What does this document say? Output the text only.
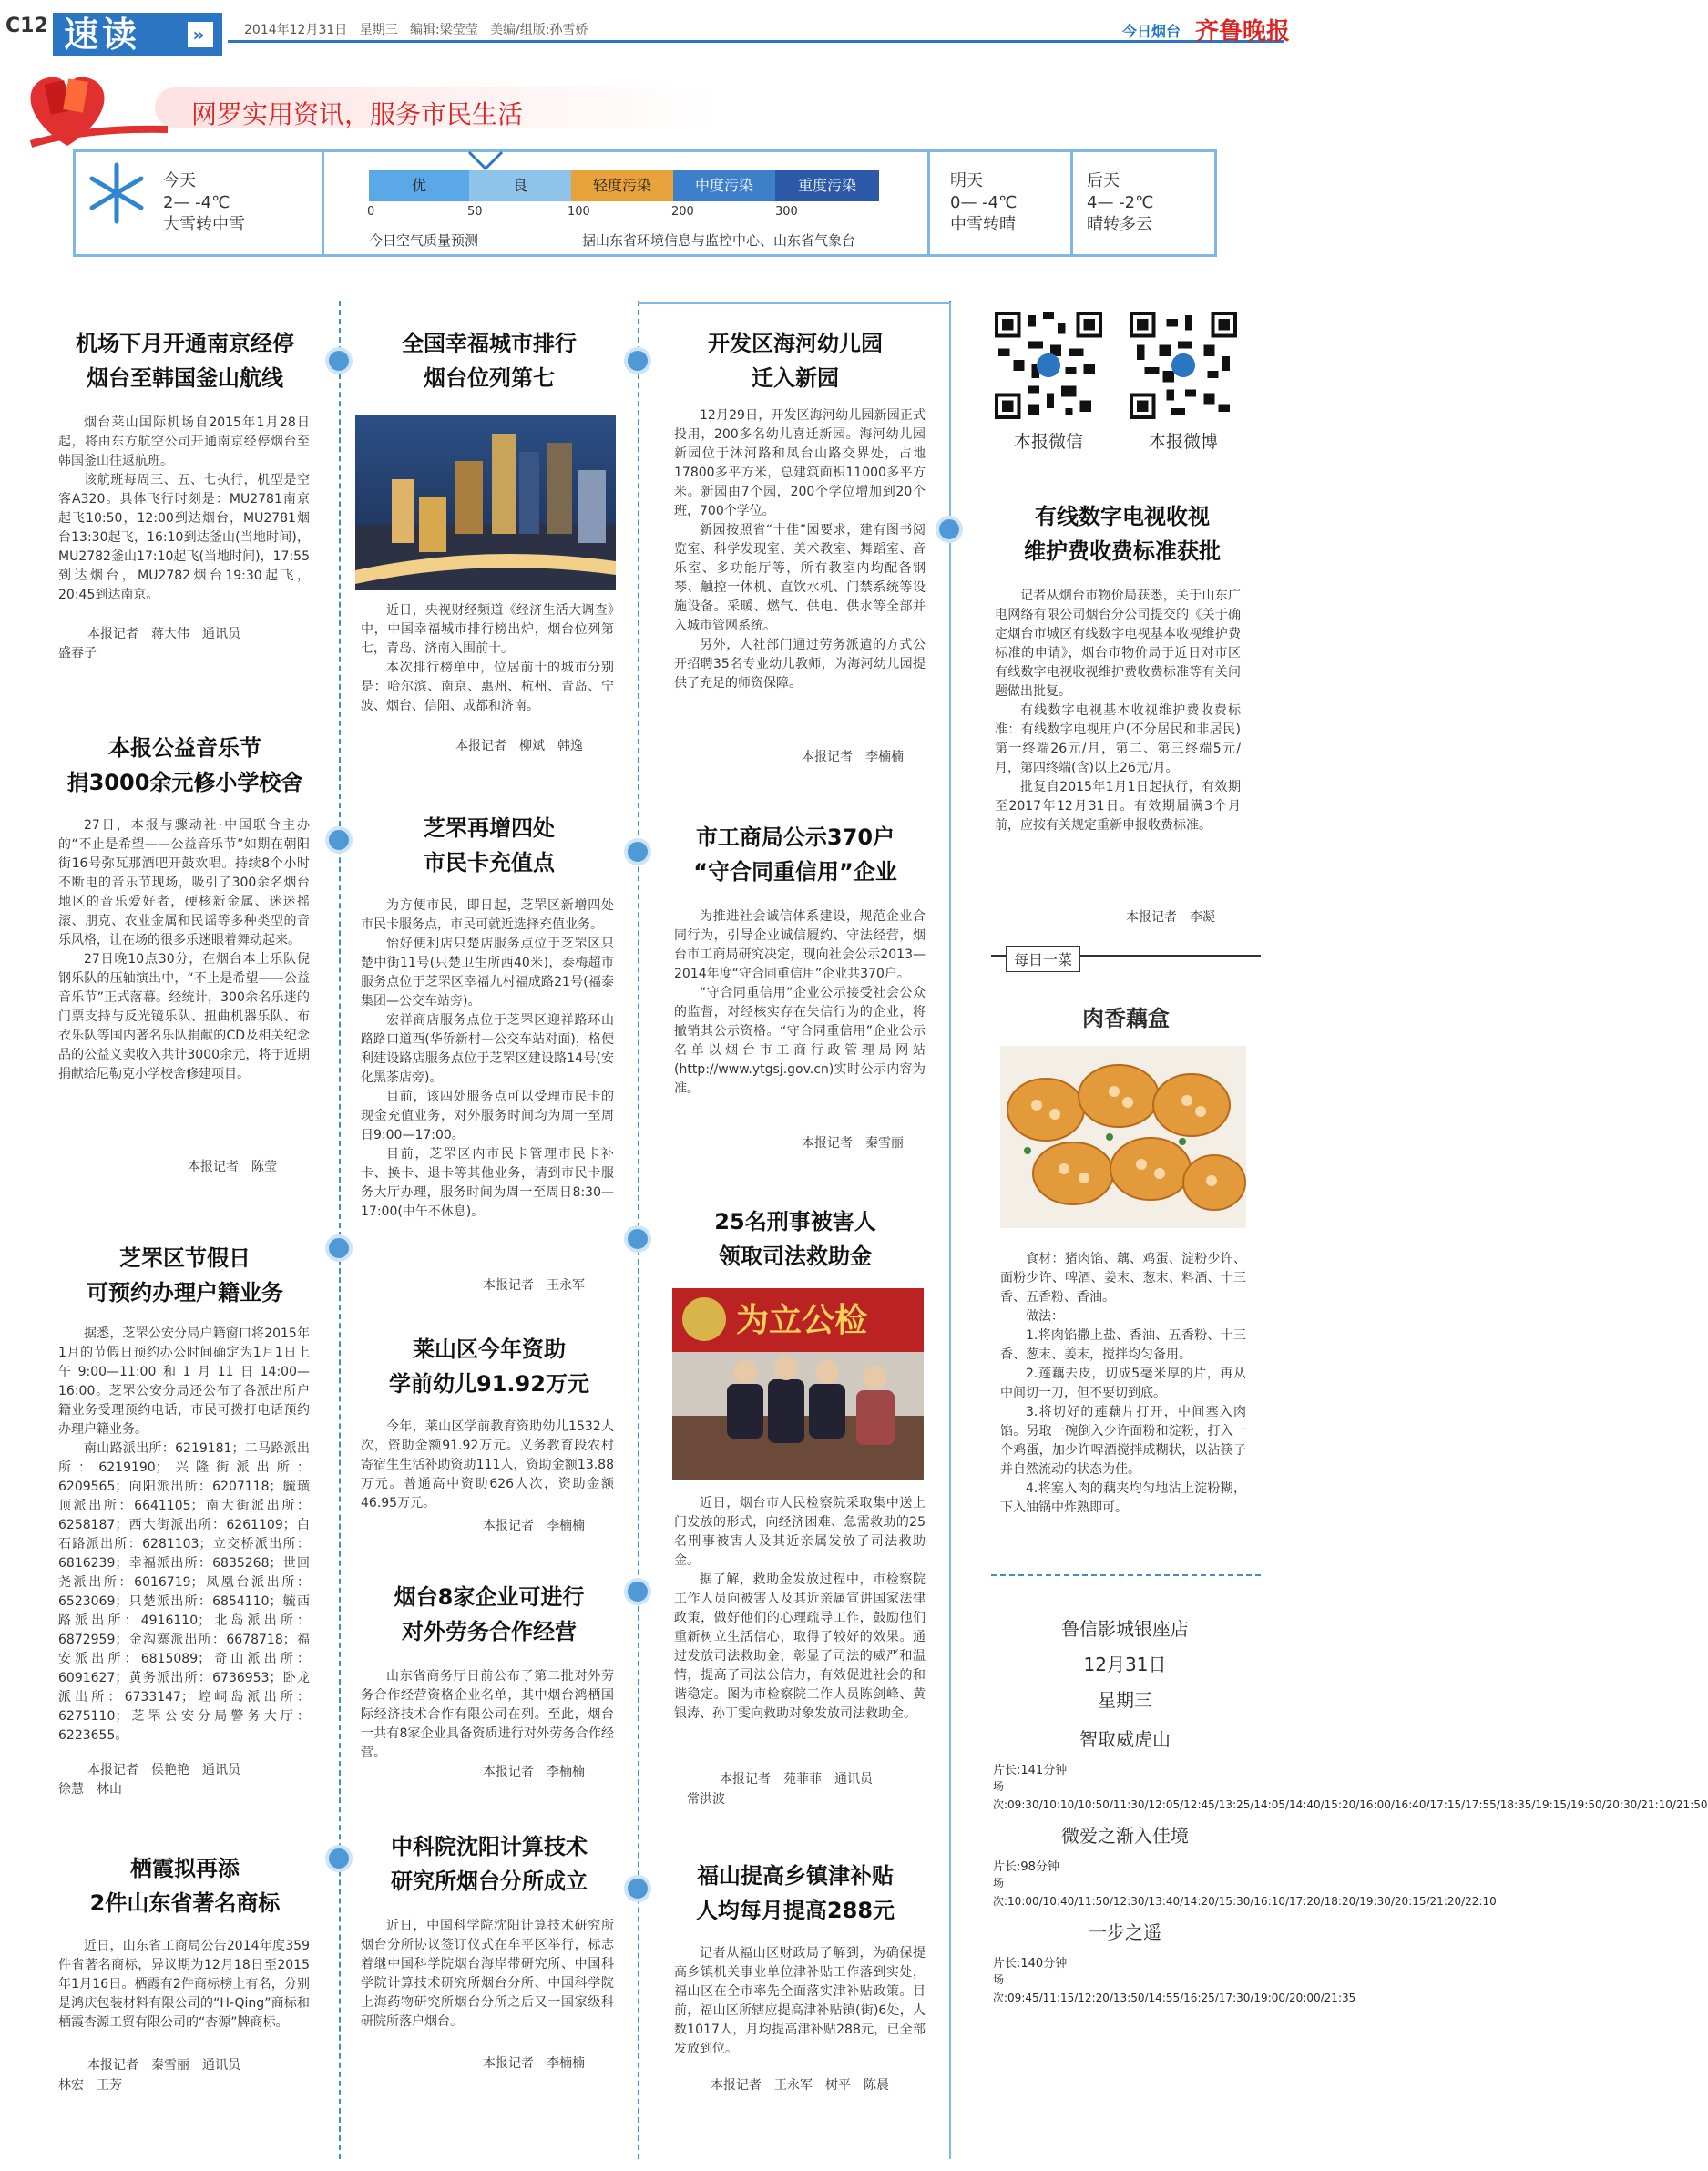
C12 速读	»	2014年12月31日 星期三 编辑:梁莹莹 美编/组版:孙雪娇	今日烟台 齐鲁晚报
网罗实用资讯，服务市民生活
今天
2— -4℃
大雪转中雪
优	良	轻度污染	中度污染	重度污染
0	50	100	200	300
今日空气质量预测	据山东省环境信息与监控中心、山东省气象台
明天
0— -4℃
中雪转晴
后天
4— -2℃
晴转多云
机场下月开通南京经停
烟台至韩国釜山航线

烟台莱山国际机场自2015年1月28日起，将由东方航空公司开通南京经停烟台至韩国釜山往返航班。

该航班每周三、五、七执行，机型是空客A320。具体飞行时刻是：MU2781南京起飞10:50，12:00到达烟台，MU2781烟台13:30起飞，16:10到达釜山(当地时间)，MU2782釜山17:10起飞(当地时间)，17:55到达烟台，MU2782烟台19:30起飞，20:45到达南京。

本报记者　蒋大伟　通讯员
盛春子
本报公益音乐节
捐3000余元修小学校舍

27日，本报与骤动社·中国联合主办的“不止是希望——公益音乐节”如期在朝阳街16号弥瓦那酒吧开鼓欢唱。持续8个小时不断电的音乐节现场，吸引了300余名烟台地区的音乐爱好者，硬核新金属、迷迷摇滚、朋克、农业金属和民谣等多种类型的音乐风格，让在场的很多乐迷眼着舞动起来。

27日晚10点30分，在烟台本土乐队倪钢乐队的压轴演出中，“不止是希望——公益音乐节”正式落幕。经统计，300余名乐迷的门票支持与反光镜乐队、扭曲机器乐队、布衣乐队等国内著名乐队捐献的CD及相关纪念品的公益义卖收入共计3000余元，将于近期捐献给尼勒克小学校舍修建项目。

本报记者　陈莹
芝罘区节假日
可预约办理户籍业务

据悉，芝罘公安分局户籍窗口将2015年1月的节假日预约办公时间确定为1月1日上午9:00—11:00和1月11日14:00—16:00。芝罘公安分局还公布了各派出所户籍业务受理预约电话，市民可拨打电话预约办理户籍业务。

南山路派出所：6219181；二马路派出所：6219190；兴隆街派出所：6209565；向阳派出所：6207118；毓璜顶派出所：6641105；南大街派出所：6258187；西大街派出所：6261109；白石路派出所：6281103；立交桥派出所：6816239；幸福派出所：6835268；世回尧派出所：6016719；凤凰台派出所：6523069；只楚派出所：6854110；毓西路派出所：4916110；北岛派出所：6872959；金沟寨派出所：6678718；福安派出所：6815089；奇山派出所：6091627；黄务派出所：6736953；卧龙派出所：6733147；崆峒岛派出所：6275110；芝罘公安分局警务大厅：6223655。

本报记者　侯艳艳　通讯员
徐慧　林山
栖霞拟再添
2件山东省著名商标

近日，山东省工商局公告2014年度359件省著名商标，异议期为12月18日至2015年1月16日。栖霞有2件商标榜上有名，分别是鸿庆包装材料有限公司的“H-Qing”商标和栖霞杏源工贸有限公司的“杏源”牌商标。

本报记者　秦雪丽　通讯员
林宏　王芳
全国幸福城市排行
烟台位列第七

近日，央视财经频道《经济生活大调查》中，中国幸福城市排行榜出炉，烟台位列第七，青岛、济南入围前十。

本次排行榜单中，位居前十的城市分别是：哈尔滨、南京、惠州、杭州、青岛、宁波、烟台、信阳、成都和济南。

本报记者　柳斌　韩逸
芝罘再增四处
市民卡充值点

为方便市民，即日起，芝罘区新增四处市民卡服务点，市民可就近选择充值业务。

怡好便利店只楚店服务点位于芝罘区只楚中街11号(只楚卫生所西40米)，泰梅超市服务点位于芝罘区幸福九村福成路21号(福泰集团—公交车站旁)。

宏祥商店服务点位于芝罘区迎祥路环山路路口道西(华侨新村—公交车站对面)，格便利建设路店服务点位于芝罘区建设路14号(安化黑茶店旁)。

目前，该四处服务点可以受理市民卡的现金充值业务，对外服务时间均为周一至周日9:00—17:00。

目前，芝罘区内市民卡管理市民卡补卡、换卡、退卡等其他业务，请到市民卡服务大厅办理，服务时间为周一至周日8:30—17:00(中午不休息)。

本报记者　王永军
莱山区今年资助
学前幼儿91.92万元

今年，莱山区学前教育资助幼儿1532人次，资助金额91.92万元。义务教育段农村寄宿生生活补助资助111人，资助金额13.88万元。普通高中资助626人次，资助金额46.95万元。

本报记者　李楠楠
烟台8家企业可进行
对外劳务合作经营

山东省商务厅日前公布了第二批对外劳务合作经营资格企业名单，其中烟台鸿栖国际经济技术合作有限公司在列。至此，烟台一共有8家企业具备资质进行对外劳务合作经营。

本报记者　李楠楠
中科院沈阳计算技术
研究所烟台分所成立

近日，中国科学院沈阳计算技术研究所烟台分所协议签订仪式在牟平区举行，标志着继中国科学院烟台海岸带研究所、中国科学院计算技术研究所烟台分所、中国科学院上海药物研究所烟台分所之后又一国家级科研院所落户烟台。

本报记者　李楠楠
开发区海河幼儿园
迁入新园

12月29日，开发区海河幼儿园新园正式投用，200多名幼儿喜迁新园。海河幼儿园新园位于沐河路和凤台山路交界处，占地17800多平方米，总建筑面积11000多平方米。新园由7个园，200个学位增加到20个班，700个学位。

新园按照省“十佳”园要求，建有图书阅览室、科学发现室、美术教室、舞蹈室、音乐室、多功能厅等，所有教室内均配备钢琴、触控一体机、直饮水机、门禁系统等设施设备。采暖、燃气、供电、供水等全部并入城市管网系统。

另外，人社部门通过劳务派遣的方式公开招聘35名专业幼儿教师，为海河幼儿园提供了充足的师资保障。

本报记者　李楠楠
市工商局公示370户
“守合同重信用”企业

为推进社会诚信体系建设，规范企业合同行为，引导企业诚信履约、守法经营，烟台市工商局研究决定，现向社会公示2013—2014年度“守合同重信用”企业共370户。

“守合同重信用”企业公示接受社会公众的监督，对经核实存在失信行为的企业，将撤销其公示资格。“守合同重信用”企业公示名单以烟台市工商行政管理局网站(http://www.ytgsj.gov.cn)实时公示内容为准。

本报记者　秦雪丽
25名刑事被害人
领取司法救助金
为立公检

近日，烟台市人民检察院采取集中送上门发放的形式，向经济困难、急需救助的25名刑事被害人及其近亲属发放了司法救助金。

据了解，救助金发放过程中，市检察院工作人员向被害人及其近亲属宣讲国家法律政策，做好他们的心理疏导工作，鼓励他们重新树立生活信心，取得了较好的效果。通过发放司法救助金，彰显了司法的威严和温情，提高了司法公信力，有效促进社会的和谐稳定。图为市检察院工作人员陈剑峰、黄银涛、孙丁雯向救助对象发放司法救助金。

本报记者　苑菲菲　通讯员
常洪波
福山提高乡镇津补贴
人均每月提高288元

记者从福山区财政局了解到，为确保提高乡镇机关事业单位津补贴工作落到实处，福山区在全市率先全面落实津补贴政策。目前，福山区所辖应提高津补贴镇(街)6处，人数1017人，月均提高津补贴288元，已全部发放到位。

本报记者　王永军　树平　陈晨
本报微信	本报微博
有线数字电视收视
维护费收费标准获批

记者从烟台市物价局获悉，关于山东广电网络有限公司烟台分公司提交的《关于确定烟台市城区有线数字电视基本收视维护费标准的申请》，烟台市物价局于近日对市区有线数字电视收视维护费收费标准等有关问题做出批复。

有线数字电视基本收视维护费收费标准：有线数字电视用户(不分居民和非居民)第一终端26元/月，第二、第三终端5元/月，第四终端(含)以上26元/月。

批复自2015年1月1日起执行，有效期至2017年12月31日。有效期届满3个月前，应按有关规定重新申报收费标准。

本报记者　李凝
每日一菜
肉香藕盒

食材：猪肉馅、藕、鸡蛋、淀粉少许、面粉少许、啤酒、姜末、葱末、料酒、十三香、五香粉、香油。

做法：

1.将肉馅撒上盐、香油、五香粉、十三香、葱末、姜末，搅拌均匀备用。

2.莲藕去皮，切成5毫米厚的片，再从中间切一刀，但不要切到底。

3.将切好的莲藕片打开，中间塞入肉馅。另取一碗倒入少许面粉和淀粉，打入一个鸡蛋，加少许啤酒搅拌成糊状，以沾筷子并自然流动的状态为佳。

4.将塞入肉的藕夹均匀地沾上淀粉糊，下入油锅中炸熟即可。

鲁信影城银座店
12月31日
星期三
智取威虎山
片长:141分钟
场次:09:30/10:10/10:50/11:30/12:05/12:45/13:25/14:05/14:40/15:20/16:00/16:40/17:15/17:55/18:35/19:15/19:50/20:30/21:10/21:50
微爱之渐入佳境
片长:98分钟
场次:10:00/10:40/11:50/12:30/13:40/14:20/15:30/16:10/17:20/18:20/19:30/20:15/21:20/22:10
一步之遥
片长:140分钟
场次:09:45/11:15/12:20/13:50/14:55/16:25/17:30/19:00/20:00/21:35
